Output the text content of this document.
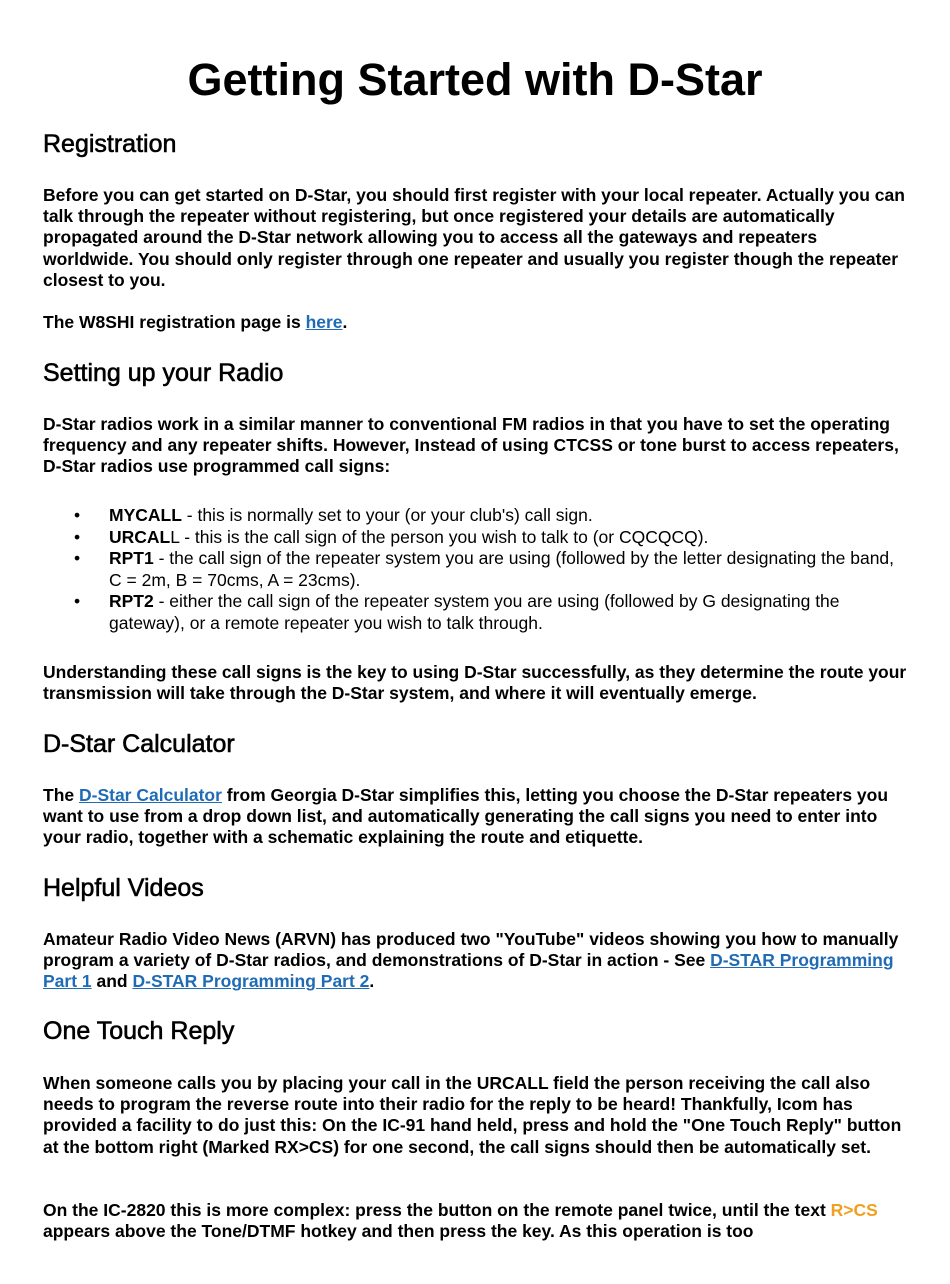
Getting Started with D-Star
Registration

Before you can get started on D-Star, you should first register with your local repeater. Actually you can talk through the repeater without registering, but once registered your details are automatically propagated around the D-Star network allowing you to access all the gateways and repeaters worldwide. You should only register through one repeater and usually you register though the repeater closest to you.

The W8SHI registration page is here.

Setting up your Radio

D-Star radios work in a similar manner to conventional FM radios in that you have to set the operating frequency and any repeater shifts. However, Instead of using CTCSS or tone burst to access repeaters, D-Star radios use programmed call signs:

• MYCALL - this is normally set to your (or your club's) call sign.
• URCALL - this is the call sign of the person you wish to talk to (or CQCQCQ).
• RPT1 - the call sign of the repeater system you are using (followed by the letter designating the band, C = 2m, B = 70cms, A = 23cms).
• RPT2 - either the call sign of the repeater system you are using (followed by G designating the gateway), or a remote repeater you wish to talk through.

Understanding these call signs is the key to using D-Star successfully, as they determine the route your transmission will take through the D-Star system, and where it will eventually emerge.

D-Star Calculator

The D-Star Calculator from Georgia D-Star simplifies this, letting you choose the D-Star repeaters you want to use from a drop down list, and automatically generating the call signs you need to enter into your radio, together with a schematic explaining the route and etiquette.

Helpful Videos

Amateur Radio Video News (ARVN) has produced two "YouTube" videos showing you how to manually program a variety of D-Star radios, and demonstrations of D-Star in action - See D-STAR Programming Part 1 and D-STAR Programming Part 2.

One Touch Reply

When someone calls you by placing your call in the URCALL field the person receiving the call also needs to program the reverse route into their radio for the reply to be heard! Thankfully, Icom has provided a facility to do just this: On the IC-91 hand held, press and hold the "One Touch Reply" button at the bottom right (Marked RX>CS) for one second, the call signs should then be automatically set.

On the IC-2820 this is more complex: press the button on the remote panel twice, until the text R>CS appears above the Tone/DTMF hotkey and then press the key. As this operation is too
